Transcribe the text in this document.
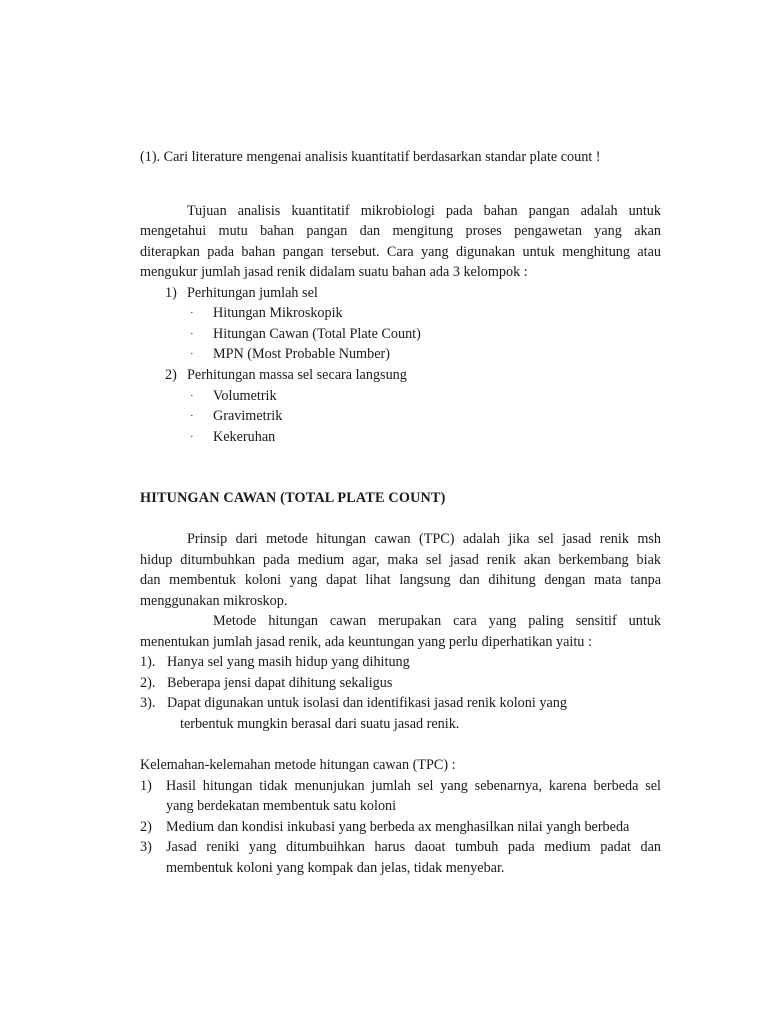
(1). Cari literature mengenai analisis kuantitatif berdasarkan standar plate count !
Tujuan analisis kuantitatif mikrobiologi pada bahan pangan adalah untuk
mengetahui mutu bahan pangan dan mengitung proses pengawetan yang akan
diterapkan pada bahan pangan tersebut. Cara yang digunakan untuk menghitung atau
mengukur jumlah jasad renik didalam suatu bahan ada 3 kelompok :
1) Perhitungan jumlah sel
· Hitungan Mikroskopik
· Hitungan Cawan (Total Plate Count)
· MPN (Most Probable Number)
2) Perhitungan massa sel secara langsung
· Volumetrik
· Gravimetrik
· Kekeruhan
HITUNGAN CAWAN (TOTAL PLATE COUNT)
Prinsip dari metode hitungan cawan (TPC) adalah jika sel jasad renik msh
hidup ditumbuhkan pada medium agar, maka sel jasad renik akan berkembang biak
dan membentuk koloni yang dapat lihat langsung dan dihitung dengan mata tanpa
menggunakan mikroskop.
Metode hitungan cawan merupakan cara yang paling sensitif untuk
menentukan jumlah jasad renik, ada keuntungan yang perlu diperhatikan yaitu :
1). Hanya sel yang masih hidup yang dihitung
2). Beberapa jensi dapat dihitung sekaligus
3). Dapat digunakan untuk isolasi dan identifikasi jasad renik koloni yang
terbentuk mungkin berasal dari suatu jasad renik.
Kelemahan-kelemahan metode hitungan cawan (TPC) :
1) Hasil hitungan tidak menunjukan jumlah sel yang sebenarnya, karena berbeda sel
yang berdekatan membentuk satu koloni
2) Medium dan kondisi inkubasi yang berbeda ax menghasilkan nilai yangh berbeda
3) Jasad reniki yang ditumbuihkan harus daoat tumbuh pada medium padat dan
membentuk koloni yang kompak dan jelas, tidak menyebar.
